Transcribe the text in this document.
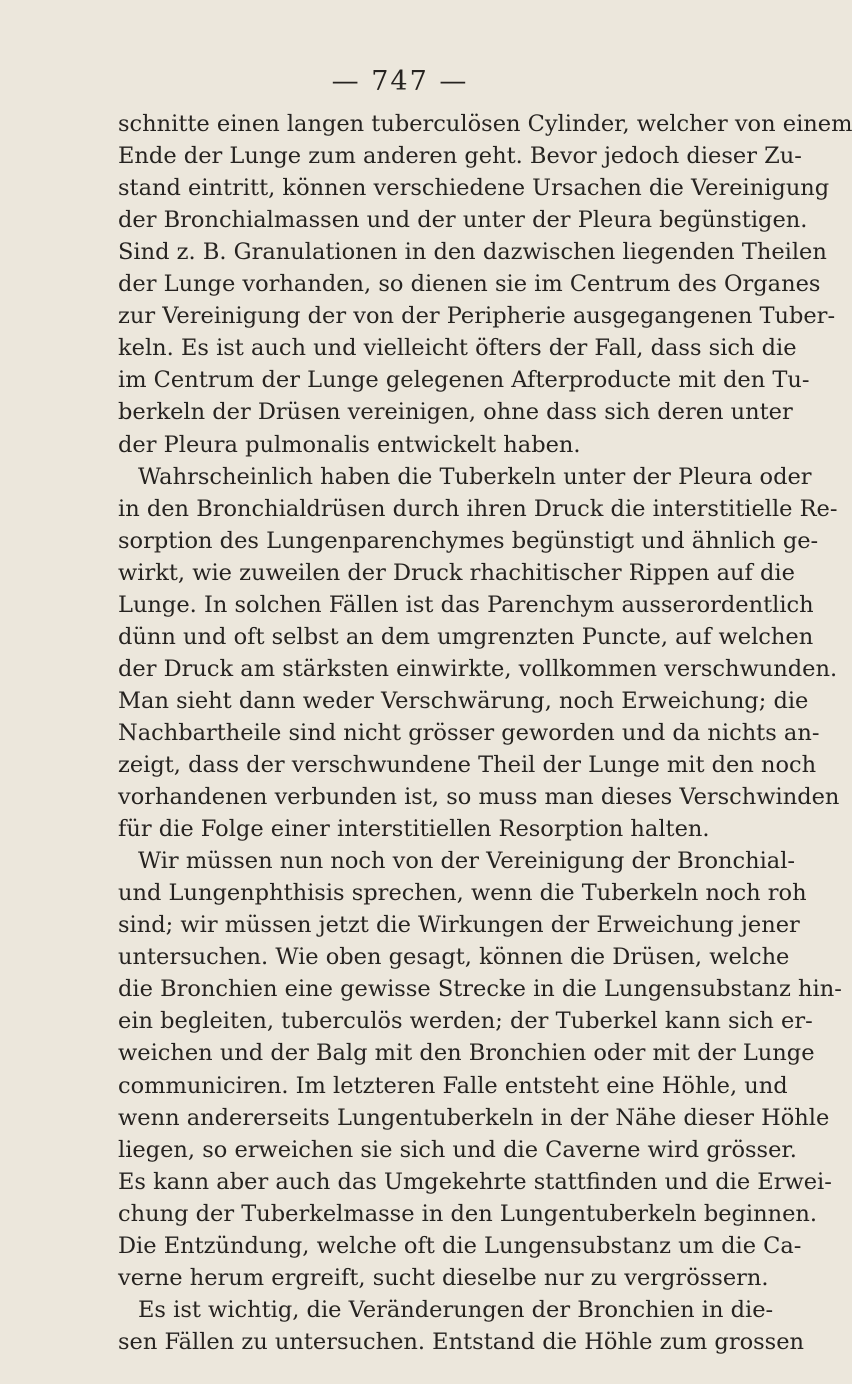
— 747 —
schnitte einen langen tuberculösen Cylinder, welcher von einem
Ende der Lunge zum anderen geht. Bevor jedoch dieser Zu-
stand eintritt, können verschiedene Ursachen die Vereinigung
der Bronchialmassen und der unter der Pleura begünstigen.
Sind z. B. Granulationen in den dazwischen liegenden Theilen
der Lunge vorhanden, so dienen sie im Centrum des Organes
zur Vereinigung der von der Peripherie ausgegangenen Tuber-
keln. Es ist auch und vielleicht öfters der Fall, dass sich die
im Centrum der Lunge gelegenen Afterproducte mit den Tu-
berkeln der Drüsen vereinigen, ohne dass sich deren unter
der Pleura pulmonalis entwickelt haben.
Wahrscheinlich haben die Tuberkeln unter der Pleura oder
in den Bronchialdrüsen durch ihren Druck die interstitielle Re-
sorption des Lungenparenchymes begünstigt und ähnlich ge-
wirkt, wie zuweilen der Druck rhachitischer Rippen auf die
Lunge. In solchen Fällen ist das Parenchym ausserordentlich
dünn und oft selbst an dem umgrenzten Puncte, auf welchen
der Druck am stärksten einwirkte, vollkommen verschwunden.
Man sieht dann weder Verschwärung, noch Erweichung; die
Nachbartheile sind nicht grösser geworden und da nichts an-
zeigt, dass der verschwundene Theil der Lunge mit den noch
vorhandenen verbunden ist, so muss man dieses Verschwinden
für die Folge einer interstitiellen Resorption halten.
Wir müssen nun noch von der Vereinigung der Bronchial-
und Lungenphthisis sprechen, wenn die Tuberkeln noch roh
sind; wir müssen jetzt die Wirkungen der Erweichung jener
untersuchen. Wie oben gesagt, können die Drüsen, welche
die Bronchien eine gewisse Strecke in die Lungensubstanz hin-
ein begleiten, tuberculös werden; der Tuberkel kann sich er-
weichen und der Balg mit den Bronchien oder mit der Lunge
communiciren. Im letzteren Falle entsteht eine Höhle, und
wenn andererseits Lungentuberkeln in der Nähe dieser Höhle
liegen, so erweichen sie sich und die Caverne wird grösser.
Es kann aber auch das Umgekehrte stattfinden und die Erwei-
chung der Tuberkelmasse in den Lungentuberkeln beginnen.
Die Entzündung, welche oft die Lungensubstanz um die Ca-
verne herum ergreift, sucht dieselbe nur zu vergrössern.
Es ist wichtig, die Veränderungen der Bronchien in die-
sen Fällen zu untersuchen. Entstand die Höhle zum grossen
